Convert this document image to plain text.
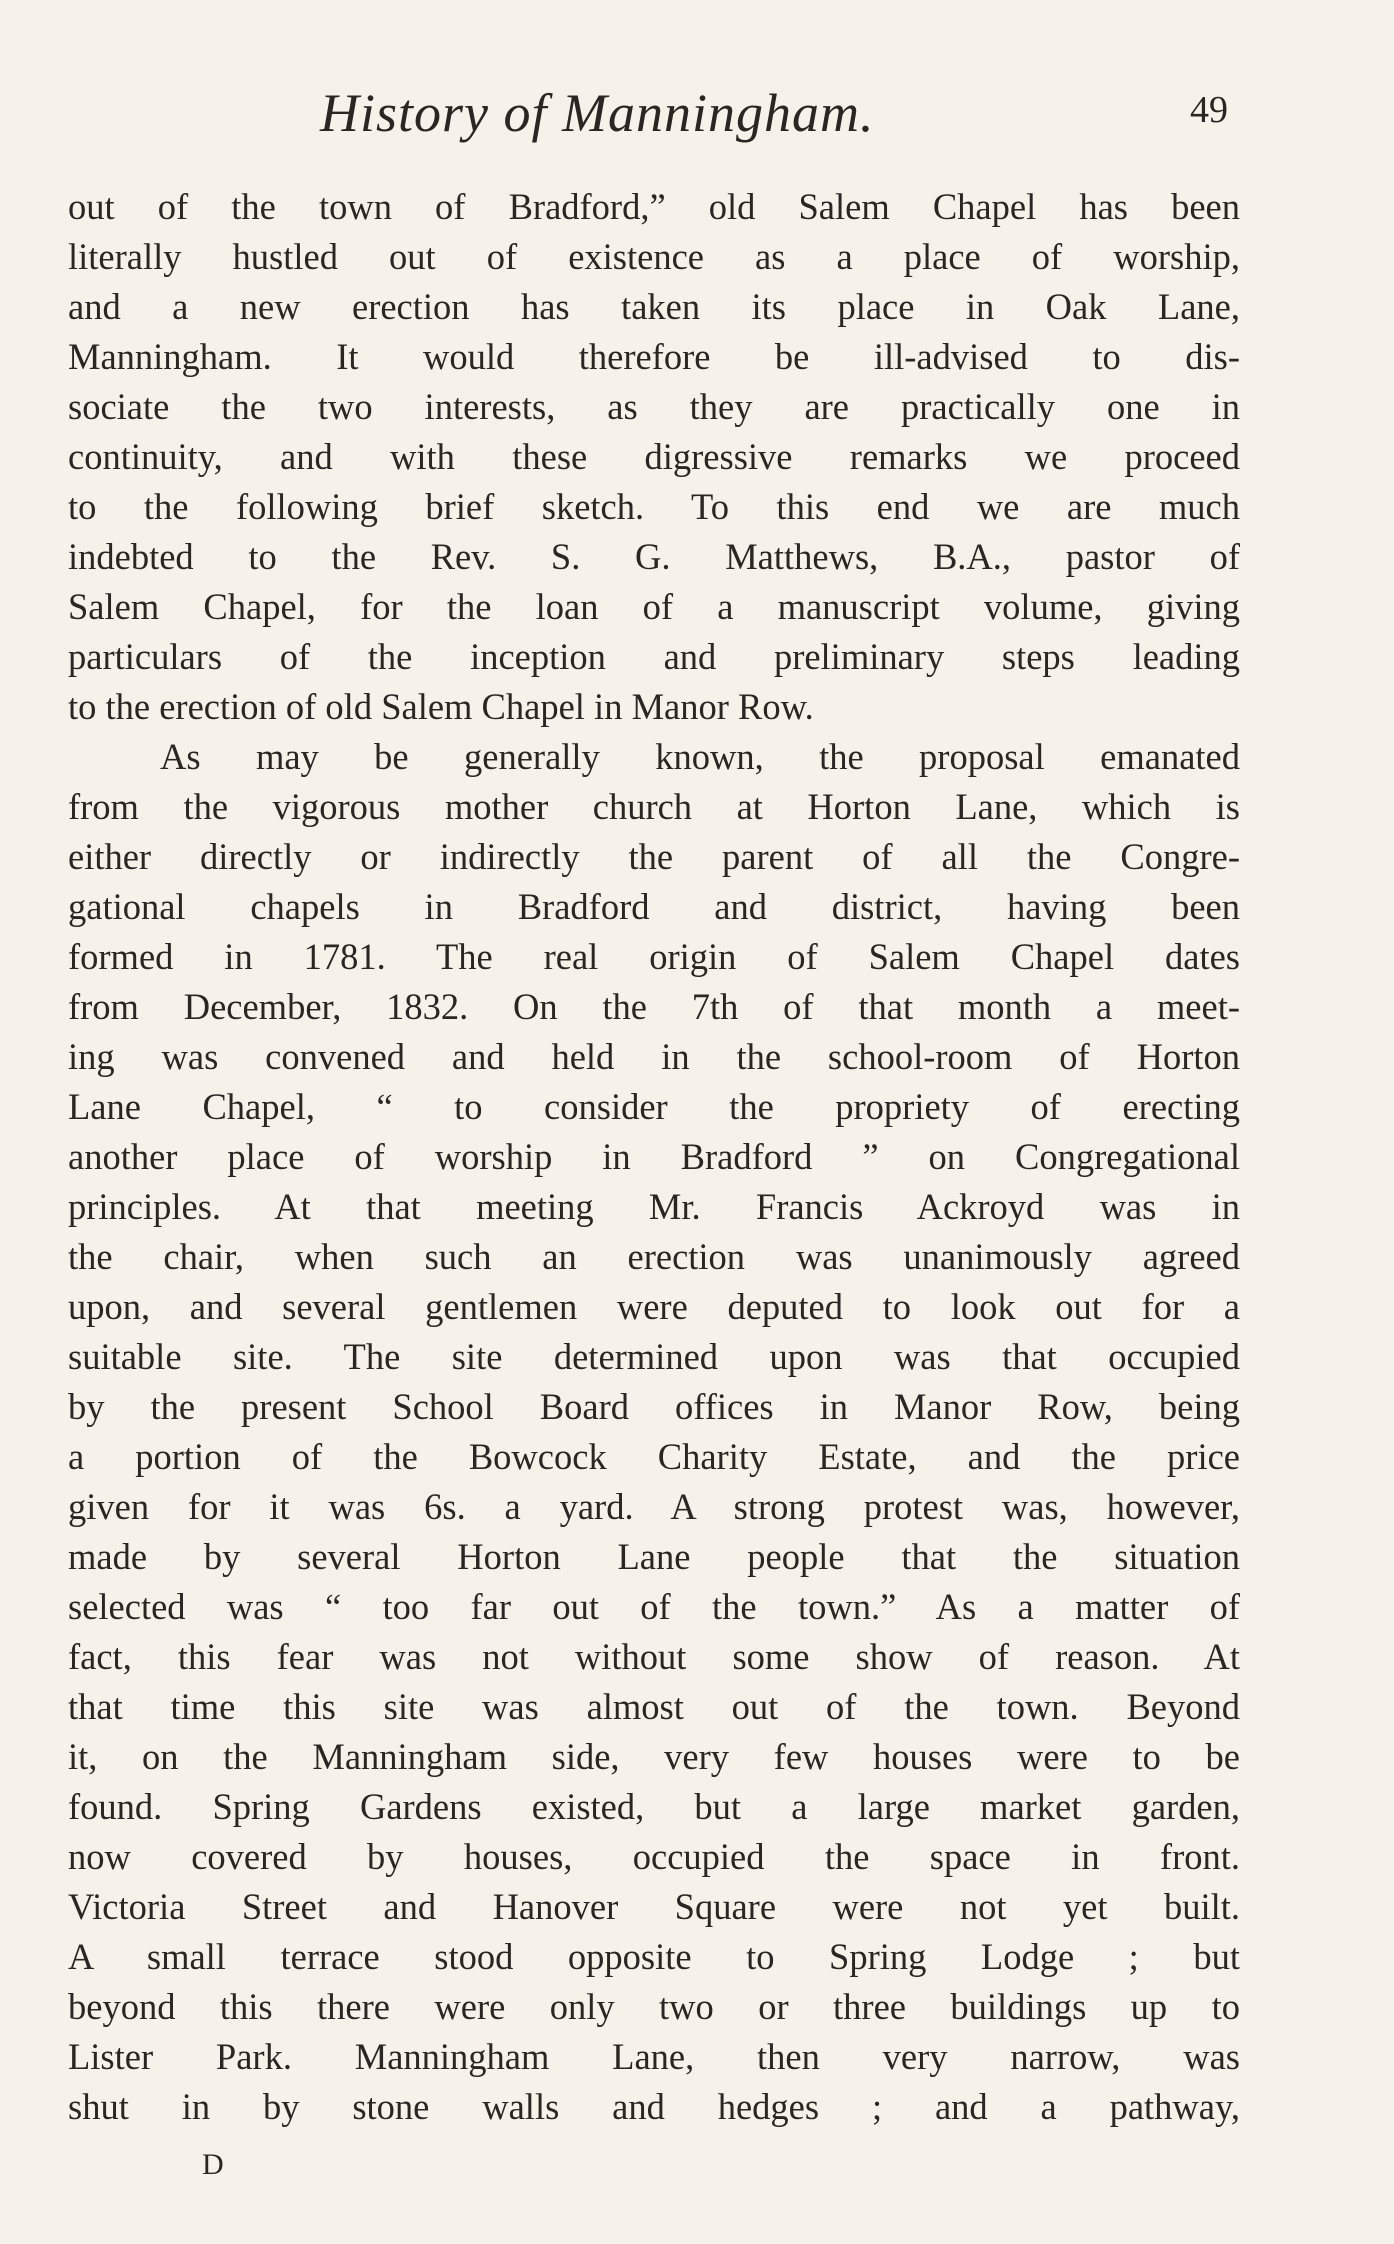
History of Manningham.	49
out of the town of Bradford,” old Salem Chapel has been
literally hustled out of existence as a place of worship,
and a new erection has taken its place in Oak Lane,
Manningham. It would therefore be ill-advised to dis-
sociate the two interests, as they are practically one in
continuity, and with these digressive remarks we proceed
to the following brief sketch. To this end we are much
indebted to the Rev. S. G. Matthews, B.A., pastor of
Salem Chapel, for the loan of a manuscript volume, giving
particulars of the inception and preliminary steps leading
to the erection of old Salem Chapel in Manor Row.
As may be generally known, the proposal emanated
from the vigorous mother church at Horton Lane, which is
either directly or indirectly the parent of all the Congre-
gational chapels in Bradford and district, having been
formed in 1781. The real origin of Salem Chapel dates
from December, 1832. On the 7th of that month a meet-
ing was convened and held in the school-room of Horton
Lane Chapel, “ to consider the propriety of erecting
another place of worship in Bradford ” on Congregational
principles. At that meeting Mr. Francis Ackroyd was in
the chair, when such an erection was unanimously agreed
upon, and several gentlemen were deputed to look out for a
suitable site. The site determined upon was that occupied
by the present School Board offices in Manor Row, being
a portion of the Bowcock Charity Estate, and the price
given for it was 6s. a yard. A strong protest was, however,
made by several Horton Lane people that the situation
selected was “ too far out of the town.” As a matter of
fact, this fear was not without some show of reason. At
that time this site was almost out of the town. Beyond
it, on the Manningham side, very few houses were to be
found. Spring Gardens existed, but a large market garden,
now covered by houses, occupied the space in front.
Victoria Street and Hanover Square were not yet built.
A small terrace stood opposite to Spring Lodge ; but
beyond this there were only two or three buildings up to
Lister Park. Manningham Lane, then very narrow, was
shut in by stone walls and hedges ; and a pathway,
D
